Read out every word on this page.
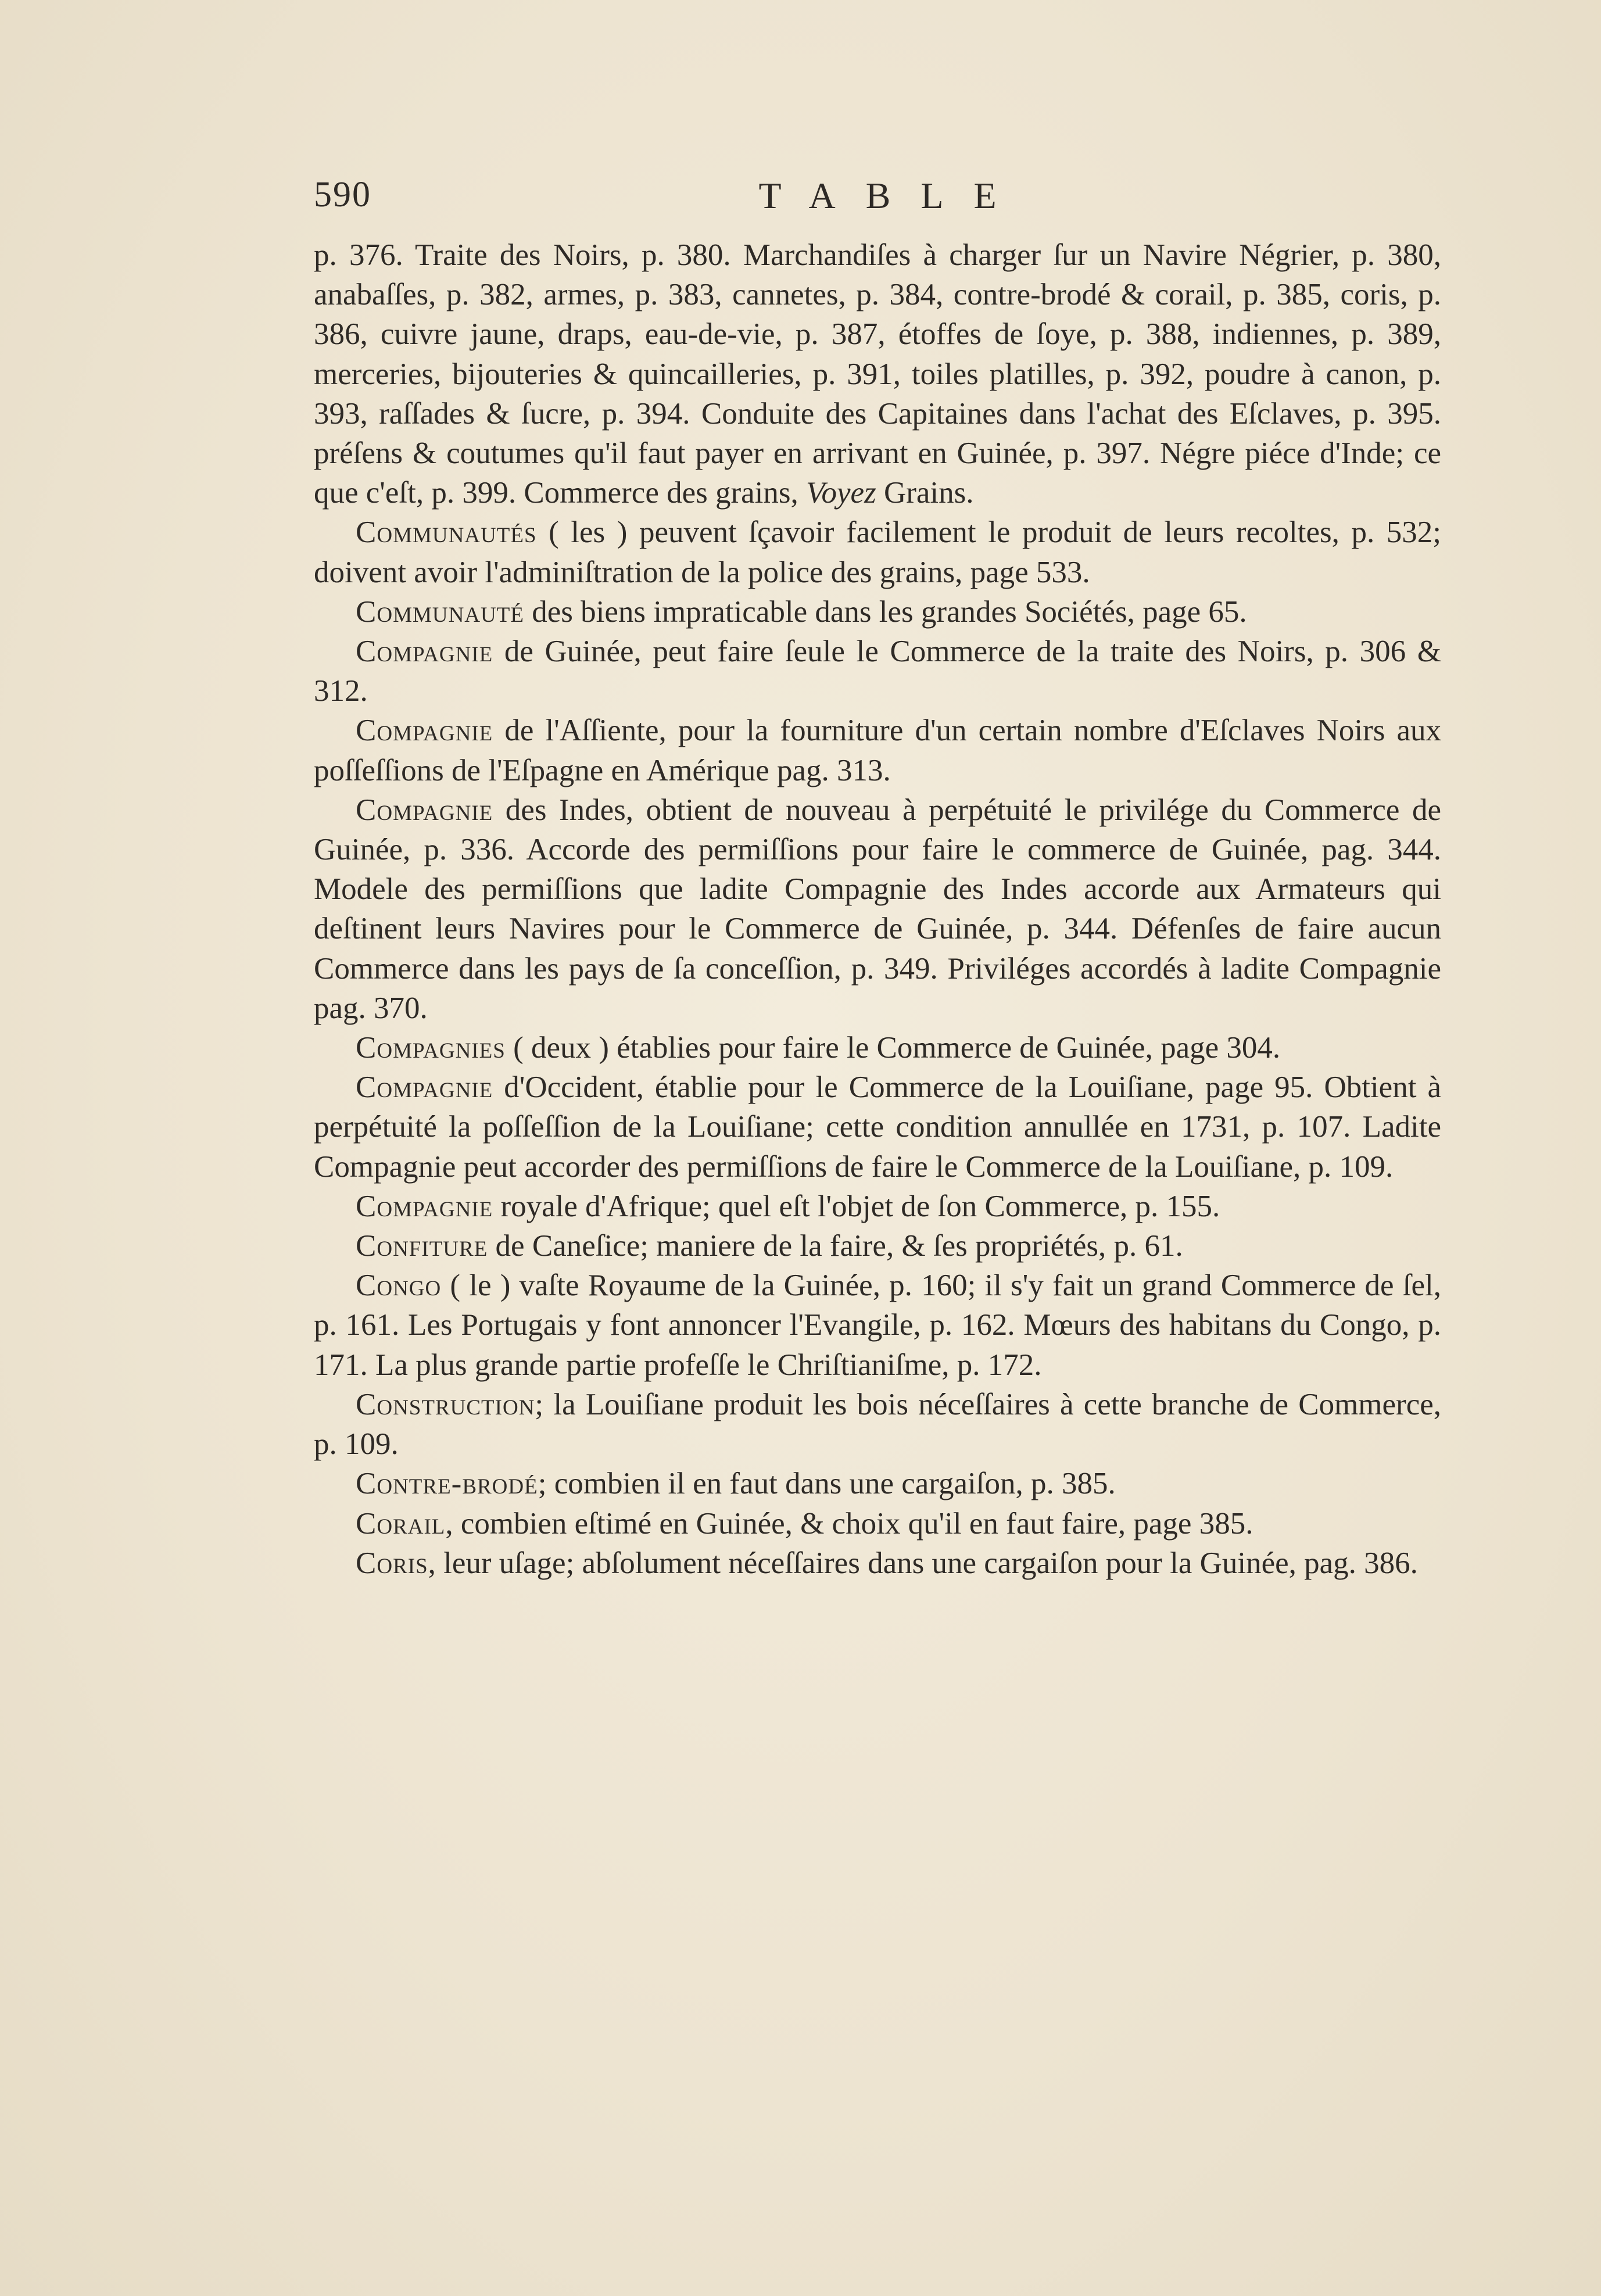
590	TABLE

p. 376. Traite des Noirs, p. 380. Marchandiſes à charger ſur un Navire Négrier, p. 380, anabaſſes, p. 382, armes, p. 383, cannetes, p. 384, contre-brodé & corail, p. 385, coris, p. 386, cuivre jaune, draps, eau-de-vie, p. 387, étoffes de ſoye, p. 388, indiennes, p. 389, merceries, bijouteries & quincailleries, p. 391, toiles platilles, p. 392, poudre à canon, p. 393, raſſades & ſucre, p. 394. Conduite des Capitaines dans l'achat des Eſclaves, p. 395. préſens & coutumes qu'il faut payer en arrivant en Guinée, p. 397. Négre piéce d'Inde; ce que c'eſt, p. 399. Commerce des grains, Voyez Grains.

Communautés ( les ) peuvent ſçavoir facilement le produit de leurs recoltes, p. 532; doivent avoir l'adminiſtration de la police des grains, page 533.

Communauté des biens impraticable dans les grandes Sociétés, page 65.

Compagnie de Guinée, peut faire ſeule le Commerce de la traite des Noirs, p. 306 & 312.

Compagnie de l'Aſſiente, pour la fourniture d'un certain nombre d'Eſclaves Noirs aux poſſeſſions de l'Eſpagne en Amérique pag. 313.

Compagnie des Indes, obtient de nouveau à perpétuité le privilége du Commerce de Guinée, p. 336. Accorde des permiſſions pour faire le commerce de Guinée, pag. 344. Modele des permiſſions que ladite Compagnie des Indes accorde aux Armateurs qui deſtinent leurs Navires pour le Commerce de Guinée, p. 344. Défenſes de faire aucun Commerce dans les pays de ſa conceſſion, p. 349. Priviléges accordés à ladite Compagnie pag. 370.

Compagnies ( deux ) établies pour faire le Commerce de Guinée, page 304.

Compagnie d'Occident, établie pour le Commerce de la Louiſiane, page 95. Obtient à perpétuité la poſſeſſion de la Louiſiane; cette condition annullée en 1731, p. 107. Ladite Compagnie peut accorder des permiſſions de faire le Commerce de la Louiſiane, p. 109.

Compagnie royale d'Afrique; quel eſt l'objet de ſon Commerce, p. 155.

Confiture de Caneſice; maniere de la faire, & ſes propriétés, p. 61.

Congo ( le ) vaſte Royaume de la Guinée, p. 160; il s'y fait un grand Commerce de ſel, p. 161. Les Portugais y font annoncer l'Evangile, p. 162. Mœurs des habitans du Congo, p. 171. La plus grande partie profeſſe le Chriſtianiſme, p. 172.

Construction; la Louiſiane produit les bois néceſſaires à cette branche de Commerce, p. 109.

Contre-brodé; combien il en faut dans une cargaiſon, p. 385.

Corail, combien eſtimé en Guinée, & choix qu'il en faut faire, page 385.

Coris, leur uſage; abſolument néceſſaires dans une cargaiſon pour la Guinée, pag. 386.
